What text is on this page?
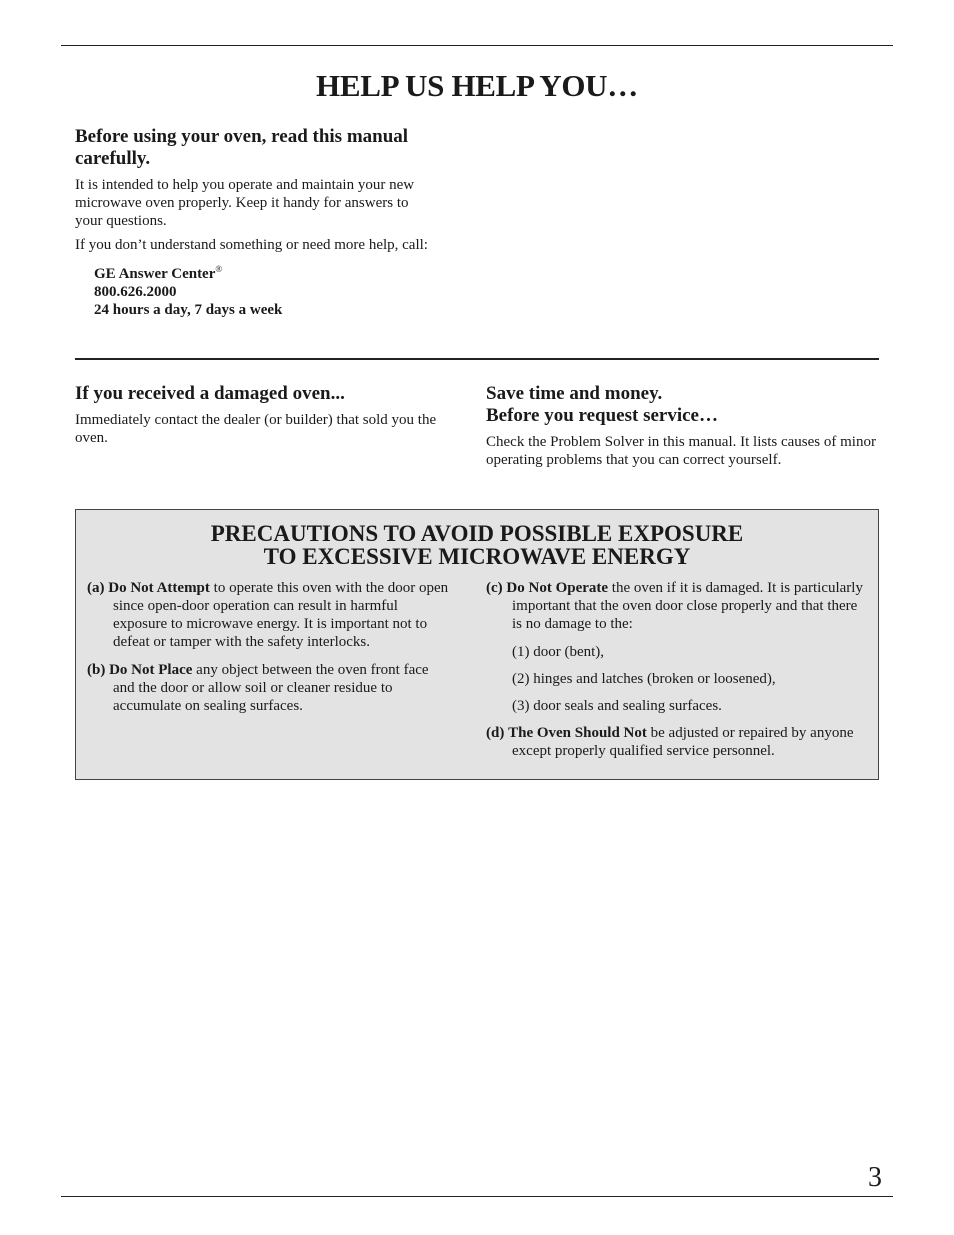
HELP US HELP YOU…
Before using your oven, read this manual carefully.

It is intended to help you operate and maintain your new microwave oven properly. Keep it handy for answers to your questions.

If you don’t understand something or need more help, call:

GE Answer Center®
800.626.2000
24 hours a day, 7 days a week
If you received a damaged oven...

Immediately contact the dealer (or builder) that sold you the oven.

Save time and money.
Before you request service…

Check the Problem Solver in this manual. It lists causes of minor operating problems that you can correct yourself.

PRECAUTIONS TO AVOID POSSIBLE EXPOSURE
TO EXCESSIVE MICROWAVE ENERGY

(a) Do Not Attempt to operate this oven with the door open since open-door operation can result in harmful exposure to microwave energy. It is important not to defeat or tamper with the safety interlocks.

(b) Do Not Place any object between the oven front face and the door or allow soil or cleaner residue to accumulate on sealing surfaces.

(c) Do Not Operate the oven if it is damaged. It is particularly important that the oven door close properly and that there is no damage to the:

(1) door (bent),

(2) hinges and latches (broken or loosened),

(3) door seals and sealing surfaces.

(d) The Oven Should Not be adjusted or repaired by anyone except properly qualified service personnel.

3
